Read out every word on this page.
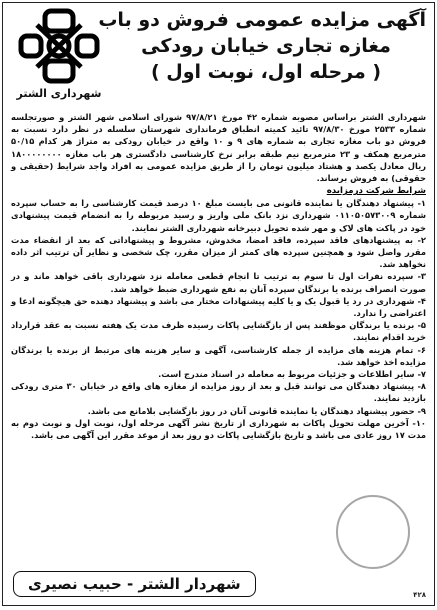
آگهی مزایده عمومی فروش دو باب
مغازه تجاری خیابان رودکی
( مرحله اول، نوبت اول )
شهرداری الشتر
شهرداری الشتر براساس مصوبه شماره ۴۲ مورخ ۹۷/۸/۲۱ شورای اسلامی شهر الشتر و صورتجلسه شماره ۲۵۳۳ مورخ ۹۷/۸/۳۰ تائید کمیته انطباق فرمانداری شهرستان سلسله در نظر دارد نسبت به فروش دو باب مغازه تجاری به شماره های ۹ و ۱۰ واقع در خیابان رودکی به متراژ هر کدام ۵۰/۱۵ مترمربع همکف و ۲۳ مترمربع نیم طبقه برابر نرخ کارشناسی دادگستری هر باب مغازه ۱۸۰۰۰۰۰۰۰۰ ریال معادل یکصد و هشتاد میلیون تومان را از طریق مزایده عمومی به افراد واجد شرایط (حقیقی و حقوقی) به فروش برساند.
شرایط شرکت درمزایده
۱- پیشنهاد دهندگان یا نماینده قانونی می بایست مبلغ ۱۰ درصد قیمت کارشناسی را به حساب سپرده شماره ۰۱۱۰۵۰۵۷۳۰۰۹ شهرداری نزد بانک ملی واریز و رسید مربوطه را به انضمام قیمت پیشنهادی خود در پاکت های لاک و مهر شده تحویل دبیرخانه شهرداری الشتر نمایند.
۲- به پیشنهادهای فاقد سپرده، فاقد امضا، مخدوش، مشروط و پیشنهاداتی که بعد از انقضاء مدت مقرر واصل شود و همچنین سپرده های کمتر از میزان مقرر، چک شخصی و نظایر آن ترتیب اثر داده نخواهد شد.
۳- سپرده نفرات اول تا سوم به ترتیب تا انجام قطعی معامله نزد شهرداری باقی خواهد ماند و در صورت انصراف برنده یا برندگان سپرده آنان به نفع شهرداری ضبط خواهد شد.
۴- شهرداری در رد یا قبول یک و یا کلیه پیشنهادات مختار می باشد و پیشنهاد دهنده حق هیچگونه ادعا و اعتراضی را ندارد.
۵- برنده یا برندگان موظفند پس از بازگشایی پاکات رسیده ظرف مدت یک هفته نسبت به عقد قرارداد خرید اقدام نمایند.
۶- تمام هزینه های مزایده از جمله کارشناسی، آگهی و سایر هزینه های مرتبط از برنده یا برندگان مزایده اخذ خواهد شد.
۷- سایر اطلاعات و جزئیات مربوط به معامله در اسناد مندرج است.
۸- پیشنهاد دهندگان می توانند قبل و بعد از روز مزایده از مغازه های واقع در خیابان ۳۰ متری رودکی بازدید نمایند.
۹- حضور پیشنهاد دهندگان یا نماینده قانونی آنان در روز بازگشایی بلامانع می باشد.
۱۰- آخرین مهلت تحویل پاکات به شهرداری از تاریخ نشر آگهی مرحله اول، نوبت اول و نوبت دوم به مدت ۱۷ روز عادی می باشد و تاریخ بازگشایی پاکات دو روز بعد از موعد مقرر این آگهی می باشد.
شهردار الشتر - حبیب نصیری
۴۲۸
